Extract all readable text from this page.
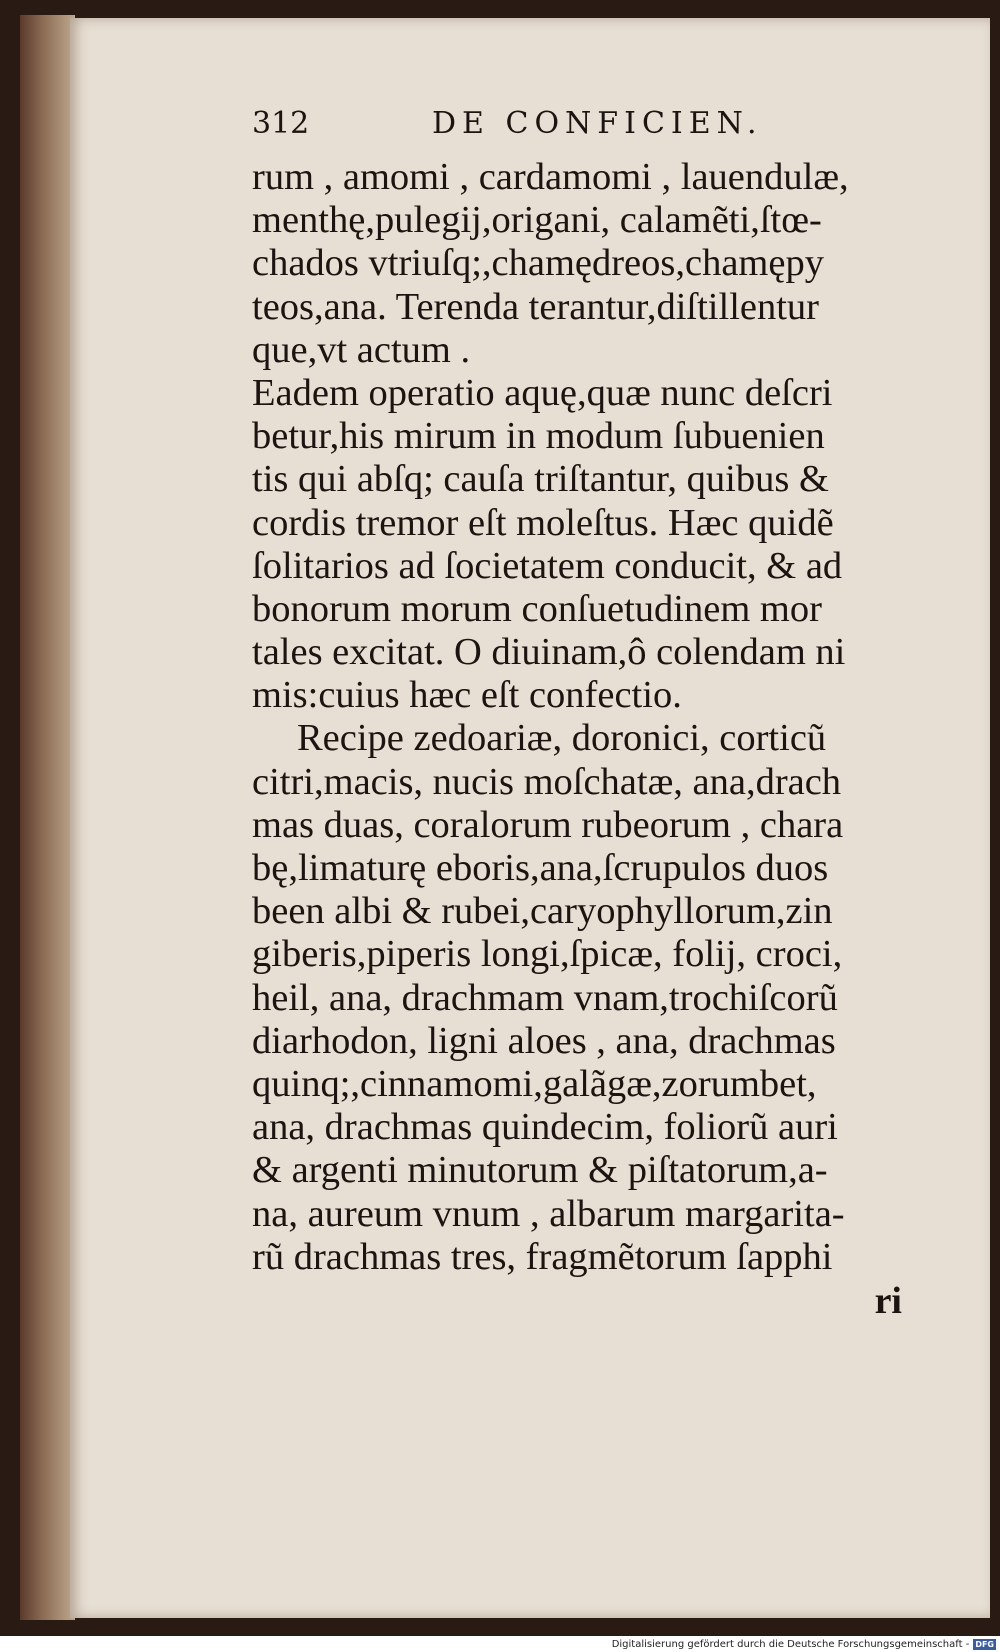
312	DE CONFICIEN.
rum , amomi , cardamomi , lauendulæ,
menthę,pulegij,origani, calamẽti,ſtœ-
chados vtriuſq;,chamędreos,chamępy
teos,ana. Terenda terantur,diſtillentur
que,vt actum .
Eadem operatio aquę,quæ nunc deſcri
betur,his mirum in modum ſubuenien
tis qui abſq; cauſa triſtantur, quibus &
cordis tremor eſt moleſtus. Hæc quidẽ
ſolitarios ad ſocietatem conducit, & ad
bonorum morum conſuetudinem mor
tales excitat. O diuinam,ô colendam ni
mis:cuius hæc eſt confectio.
Recipe zedoariæ, doronici, corticũ
citri,macis, nucis moſchatæ, ana,drach
mas duas, coralorum rubeorum , chara
bę,limaturę eboris,ana,ſcrupulos duos
been albi & rubei,caryophyllorum,zin
giberis,piperis longi,ſpicæ, folij, croci,
heil, ana, drachmam vnam,trochiſcorũ
diarhodon, ligni aloes , ana, drachmas
quinq;,cinnamomi,galãgæ,zorumbet,
ana, drachmas quindecim, foliorũ auri
& argenti minutorum & piſtatorum,a-
na, aureum vnum , albarum margarita-
rũ drachmas tres, fragmẽtorum ſapphi
ri
Digitalisierung gefördert durch die Deutsche Forschungsgemeinschaft - DFG
